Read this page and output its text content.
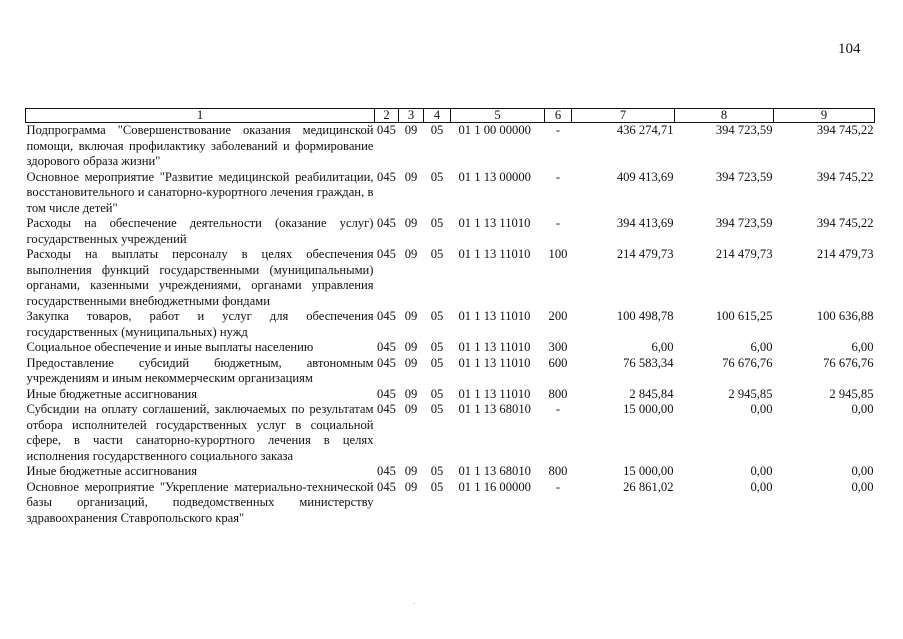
104
1	2	3	4	5	6	7	8	9
Подпрограмма "Совершенствование оказания медицинской помощи, включая профилактику заболеваний и формирование здорового образа жизни"	045	09	05	01 1 00 00000	-	436 274,71	394 723,59	394 745,22
Основное мероприятие "Развитие медицинской реабилитации, восстановительного и санаторно-курортного лечения граждан, в том числе детей"	045	09	05	01 1 13 00000	-	409 413,69	394 723,59	394 745,22
Расходы на обеспечение деятельности (оказание услуг) государственных учреждений	045	09	05	01 1 13 11010	-	394 413,69	394 723,59	394 745,22
Расходы на выплаты персоналу в целях обеспечения выполнения функций государственными (муниципальными) органами, казенными учреждениями, органами управления государственными внебюджетными фондами	045	09	05	01 1 13 11010	100	214 479,73	214 479,73	214 479,73
Закупка товаров, работ и услуг для обеспечения государственных (муниципальных) нужд	045	09	05	01 1 13 11010	200	100 498,78	100 615,25	100 636,88
Социальное обеспечение и иные выплаты населению	045	09	05	01 1 13 11010	300	6,00	6,00	6,00
Предоставление субсидий бюджетным, автономным учреждениям и иным некоммерческим организациям	045	09	05	01 1 13 11010	600	76 583,34	76 676,76	76 676,76
Иные бюджетные ассигнования	045	09	05	01 1 13 11010	800	2 845,84	2 945,85	2 945,85
Субсидии на оплату соглашений, заключаемых по результатам отбора исполнителей государственных услуг в социальной сфере, в части санаторно-курортного лечения в целях исполнения государственного социального заказа	045	09	05	01 1 13 68010	-	15 000,00	0,00	0,00
Иные бюджетные ассигнования	045	09	05	01 1 13 68010	800	15 000,00	0,00	0,00
Основное мероприятие "Укрепление материально-технической базы организаций, подведомственных министерству здравоохранения Ставропольского края"	045	09	05	01 1 16 00000	-	26 861,02	0,00	0,00
